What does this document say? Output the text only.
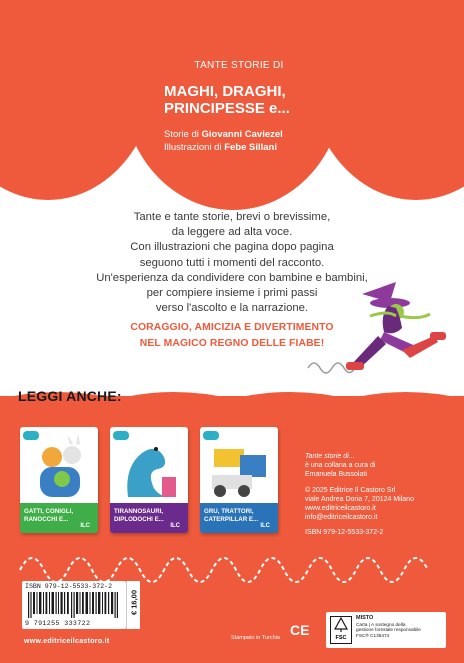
TANTE STORIE DI
MAGHI, DRAGHI,
PRINCIPESSE e...
Storie di Giovanni Caviezel
Illustrazioni di Febe Sillani
Tante e tante storie, brevi o brevissime,
da leggere ad alta voce.
Con illustrazioni che pagina dopo pagina
seguono tutti i momenti del racconto.
Un'esperienza da condividere con bambine e bambini,
per compiere insieme i primi passi
verso l'ascolto e la narrazione.
CORAGGIO, AMICIZIA E DIVERTIMENTO
NEL MAGICO REGNO DELLE FIABE!
LEGGI ANCHE:
GATTI, CONIGLI, RANOCCHI E...
ILC
TIRANNOSAURI, DIPLODOCHI E...
ILC
GRU, TRATTORI, CATERPILLAR E...
ILC
Tante storie di...
è una collana a cura di
Emanuela Bussolati
© 2025 Editrice Il Castoro Srl
viale Andrea Doria 7, 20124 Milano
www.editriceilcastoro.it
info@editriceilcastoro.it
ISBN 979-12-5533-372-2
ISBN 979-12-5533-372-2
9 791255 333722
€ 16,00
www.editriceilcastoro.it	Stampato in Turchia CE	FSC
MISTO
Carta | A sostegno della
gestione forestale responsabile
FSC® C135474
